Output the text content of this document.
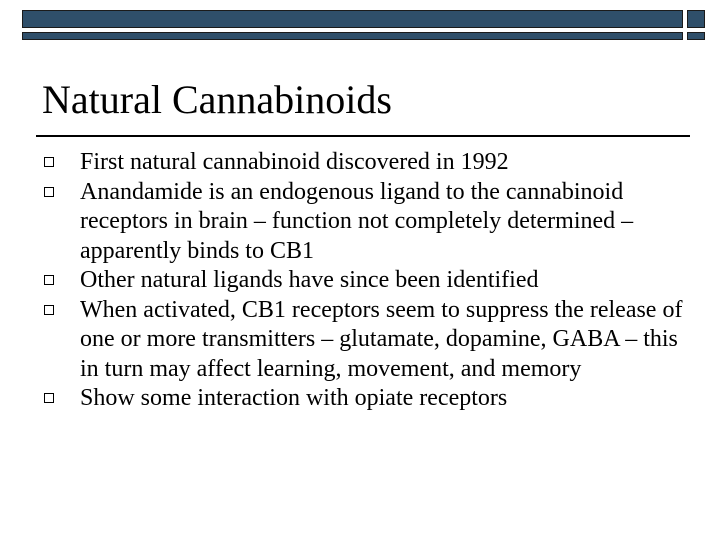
Natural Cannabinoids
First natural cannabinoid discovered in 1992
Anandamide is an endogenous ligand to the cannabinoid receptors in brain – function not completely determined – apparently binds to CB1
Other natural ligands have since been identified
When activated, CB1 receptors seem to suppress the release of one or more transmitters – glutamate, dopamine, GABA – this in turn may affect learning, movement, and memory
Show some interaction with opiate receptors
